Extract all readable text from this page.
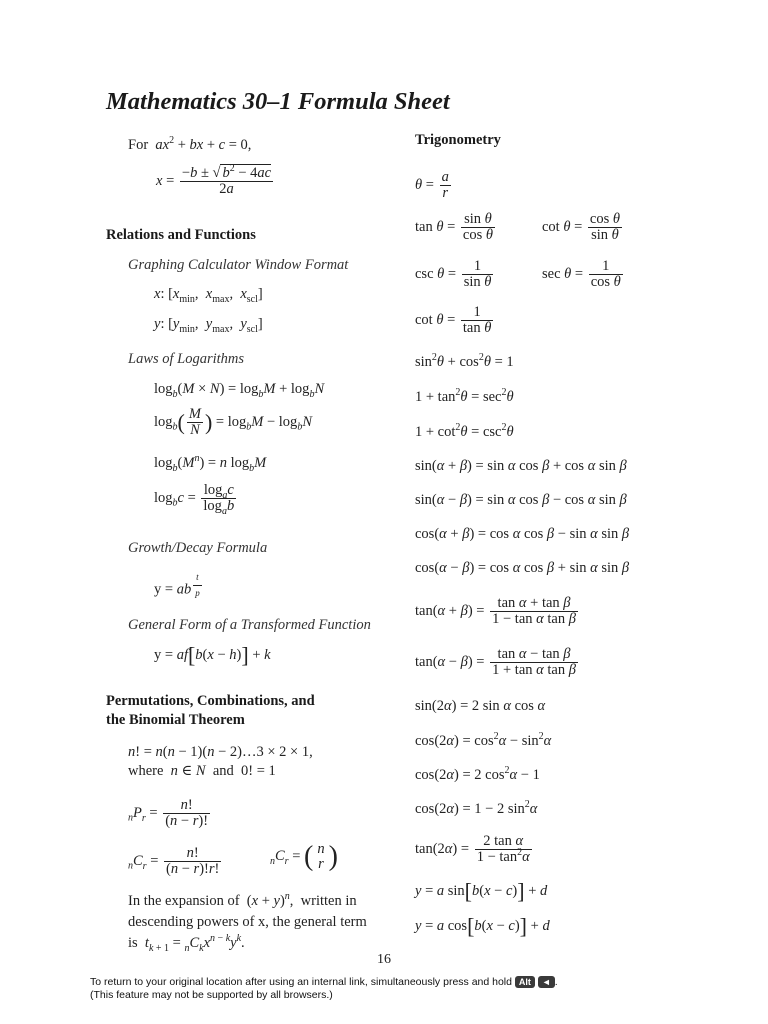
Mathematics 30–1 Formula Sheet
For $ax^2$ + bx + c = 0,
$x = \frac{-b \pm √ b^2 - 4ac}{2a}$
Relations and Functions
Graphing Calculator Window Format
x: [$x_{min}$,  $x_{max}$,  $x_{scl}$]
y: [$y_{min}$,  $y_{max}$,  $y_{scl}$]
Laws of Logarithms
$\log_b(M \times N) = \log_bM + \log_bN$
$\log_b( \frac{M}{N}$ ) = $\log_bM - \log_bN$
$\log_b(M^n) = n$ $\log_bM$
$\log_bc = \frac{\log_ac}{\log_ab}$
Growth/Decay Formula
y = ab $^{\frac{t}{p}}$
General Form of a Transformed Function
y = af[b(x − h)] + k
Permutations, Combinations, and
the Binomial Theorem
n! = n(n − 1)(n − 2)…3 × 2 × 1,
where n ∈ N and  0! = 1
$_nP_r = \frac{n!}{(n - r)!}$
$_nC_r = \frac{n!}{(n - r)!r!}$	$_nC_r$ = ( n
r )
In the expansion of  $(x + y)^n$,  written in
descending powers of x, the general term
is $t_{k + 1} = _nC_kx^{n - k}y^k$.
Trigonometry
$\theta = \frac{a}{r}$
$\tan \theta = \frac{\text{sin θ}}{\text{cos θ}}$	$\cot \theta = \frac{\text{cos θ}}{\text{sin θ}}$
$\csc \theta = \frac{1}{\text{sin θ}}$	$\sec \theta = \frac{1}{\text{cos θ}}$
$\cot \theta = \frac{1}{\text{tan θ}}$
$\sin^2\theta + \cos^2\theta = 1$
$1 + \tan^2\theta = \sec^2\theta$
$1 + \cot^2\theta = \csc^2\theta$
sin(α + β) = sin α cos β + cos α sin β
sin(α − β) = sin α cos β − cos α sin β
cos(α + β) = cos α cos β − sin α sin β
cos(α − β) = cos α cos β + sin α sin β
$\tan(\alpha + \beta) = \frac{\text{tan α + tan β}}{\text{1 − tan α tan β}}$
$\tan(\alpha - \beta) = \frac{\text{tan α − tan β}}{\text{1 + tan α tan β}}$
sin(2α) = 2 sin α cos α
$\cos(2\alpha) = \cos^2\alpha - \sin^2\alpha$
cos(2α) = 2 $\cos^2\alpha - 1$
cos(2α) = 1 − 2 $\sin^2\alpha$
$\tan(2\alpha) = \frac{\text{2 tan α}}{1 - \tan^2\alpha}$
y = a sin[b(x − c)] + d
y = a cos[b(x − c)] + d
16
To return to your original location after using an internal link, simultaneously press and hold Alt ◄ .
(This feature may not be supported by all browsers.)
